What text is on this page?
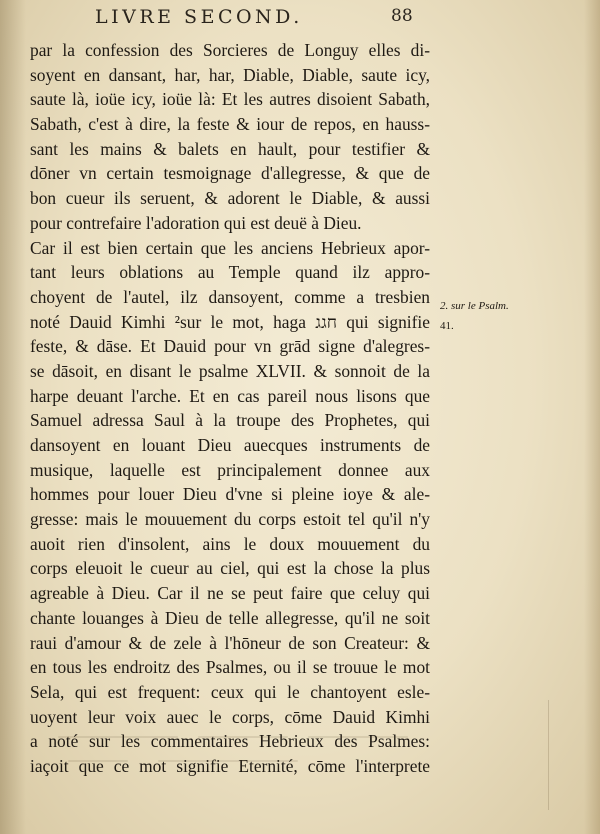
LIVRE SECOND.	88
par la confession des Sorcieres de Longuy elles di-
soyent en dansant, har, har, Diable, Diable, saute icy,
saute là, ioüe icy, ioüe là: Et les autres disoient Sabath,
Sabath, c'est à dire, la feste & iour de repos, en hauss-
sant les mains & balets en hault, pour testifier &
dōner vn certain tesmoignage d'allegresse, & que de
bon cueur ils seruent, & adorent le Diable, & aussi
pour contrefaire l'adoration qui est deuë à Dieu.
Car il est bien certain que les anciens Hebrieux apor-
tant leurs oblations au Temple quand ilz appro-
choyent de l'autel, ilz dansoyent, comme a tresbien
noté Dauid Kimhi ²sur le mot, haga חגג qui signifie
feste, & dāse. Et Dauid pour vn grād signe d'alegres-
se dāsoit, en disant le psalme XLVII. & sonnoit de la
harpe deuant l'arche. Et en cas pareil nous lisons que
Samuel adressa Saul à la troupe des Prophetes, qui
dansoyent en louant Dieu auecques instruments de
musique, laquelle est principalement donnee aux
hommes pour louer Dieu d'vne si pleine ioye & ale-
gresse: mais le mouuement du corps estoit tel qu'il n'y
auoit rien d'insolent, ains le doux mouuement du
corps eleuoit le cueur au ciel, qui est la chose la plus
agreable à Dieu. Car il ne se peut faire que celuy qui
chante louanges à Dieu de telle allegresse, qu'il ne soit
raui d'amour & de zele à l'hōneur de son Createur: &
en tous les endroitz des Psalmes, ou il se trouue le mot
Sela, qui est frequent: ceux qui le chantoyent esle-
uoyent leur voix auec le corps, cōme Dauid Kimhi
a noté sur les commentaires Hebrieux des Psalmes:
iaçoit que ce mot signifie Eternité, cōme l'interprete
2. sur le Psalm.
41.
